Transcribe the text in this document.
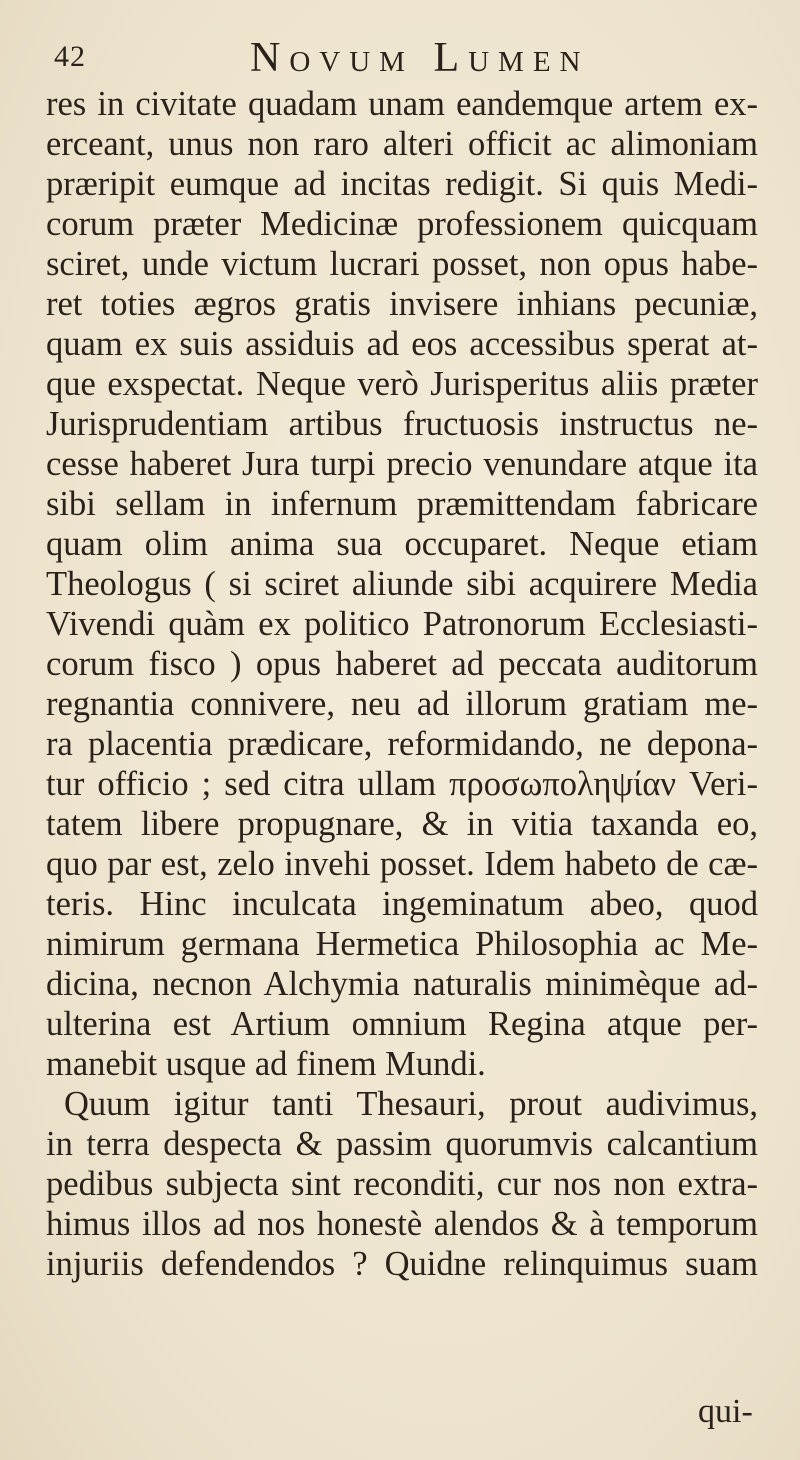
42	Novum Lumen
res in civitate quadam unam eandemque artem ex-
erceant, unus non raro alteri officit ac alimoniam
præripit eumque ad incitas redigit. Si quis Medi-
corum præter Medicinæ professionem quicquam
sciret, unde victum lucrari posset, non opus habe-
ret toties ægros gratis invisere inhians pecuniæ,
quam ex suis assiduis ad eos accessibus sperat at-
que exspectat. Neque verò Jurisperitus aliis præter
Jurisprudentiam artibus fructuosis instructus ne-
cesse haberet Jura turpi precio venundare atque ita
sibi sellam in infernum præmittendam fabricare
quam olim anima sua occuparet. Neque etiam
Theologus ( si sciret aliunde sibi acquirere Media
Vivendi quàm ex politico Patronorum Ecclesiasti-
corum fisco ) opus haberet ad peccata auditorum
regnantia connivere, neu ad illorum gratiam me-
ra placentia prædicare, reformidando, ne depona-
tur officio ; sed citra ullam προσωποληψίαν Veri-
tatem libere propugnare, & in vitia taxanda eo,
quo par est, zelo invehi posset. Idem habeto de cæ-
teris. Hinc inculcata ingeminatum abeo, quod
nimirum germana Hermetica Philosophia ac Me-
dicina, necnon Alchymia naturalis minimèque ad-
ulterina est Artium omnium Regina atque per-
manebit usque ad finem Mundi.
Quum igitur tanti Thesauri, prout audivimus,
in terra despecta & passim quorumvis calcantium
pedibus subjecta sint reconditi, cur nos non extra-
himus illos ad nos honestè alendos & à temporum
injuriis defendendos ? Quidne relinquimus suam
qui-
